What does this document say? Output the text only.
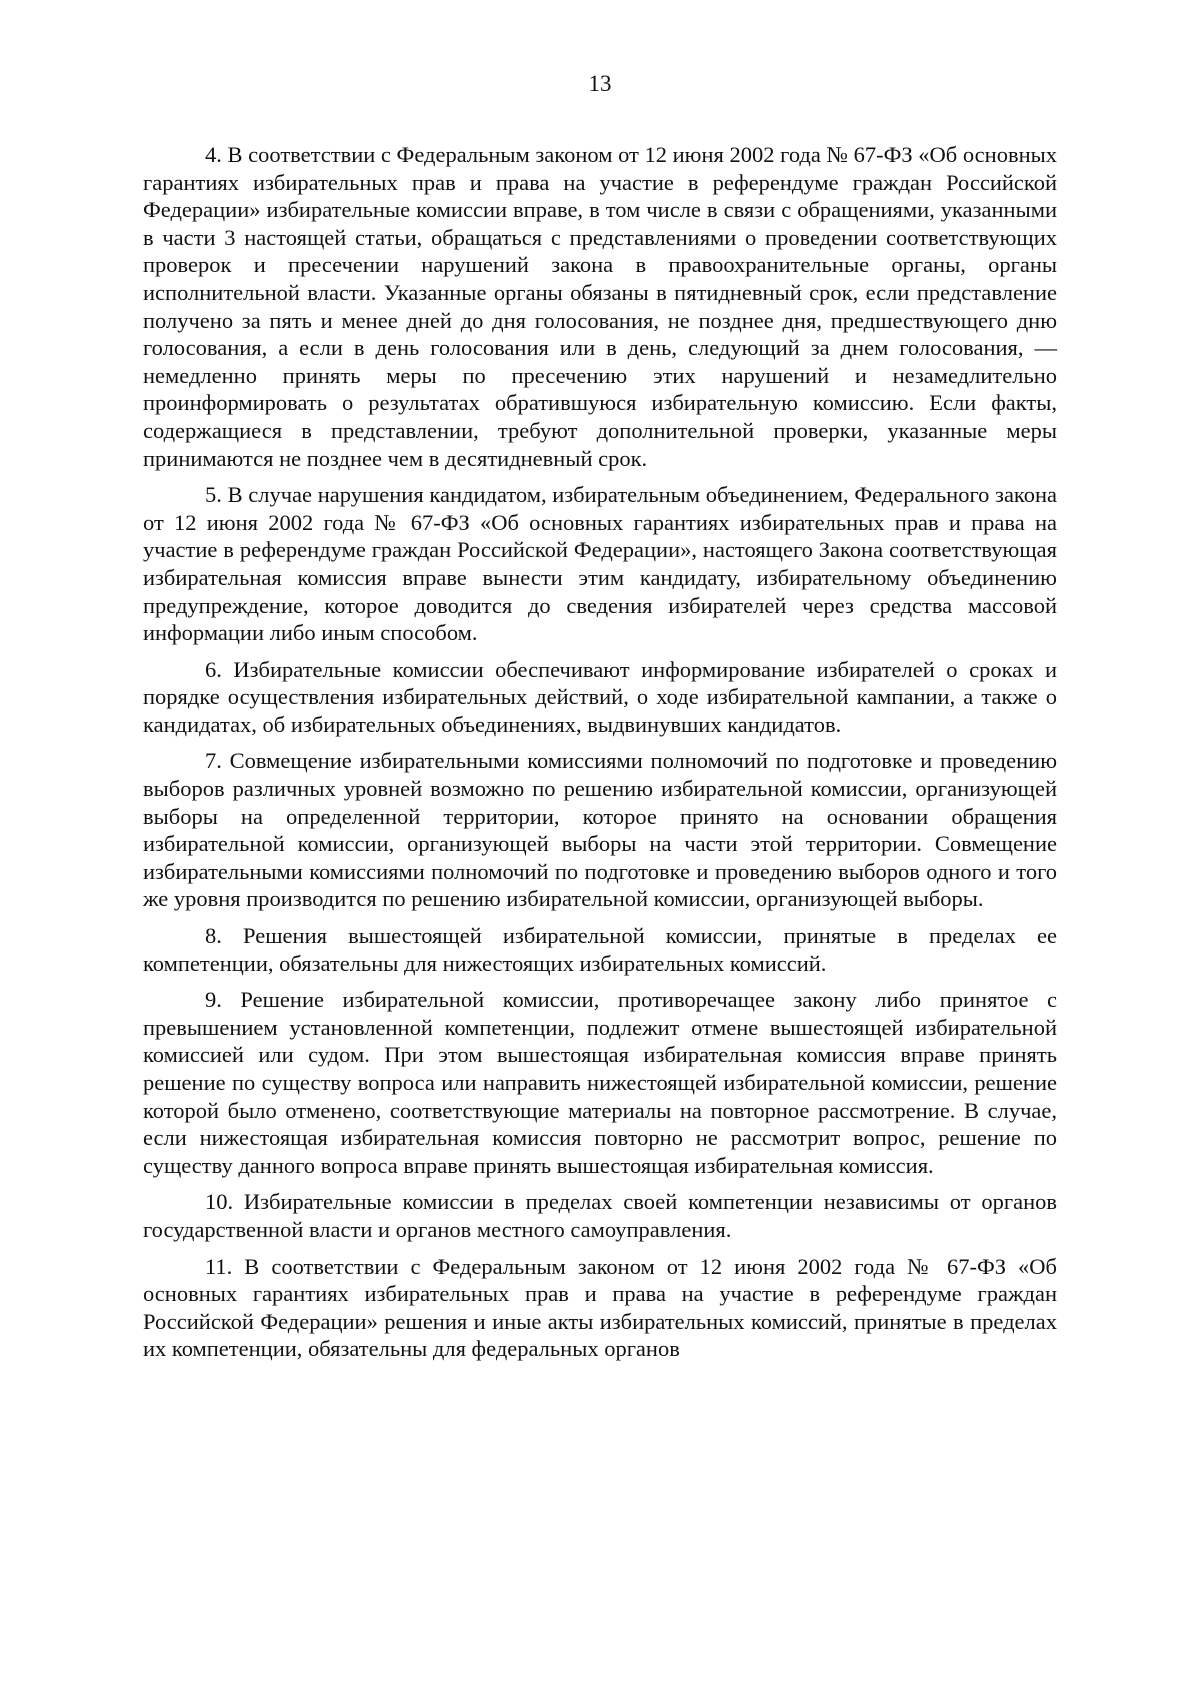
13

4. В соответствии с Федеральным законом от 12 июня 2002 года № 67-ФЗ «Об основных гарантиях избирательных прав и права на участие в референдуме граждан Российской Федерации» избирательные комиссии вправе, в том числе в связи с обращениями, указанными в части 3 настоящей статьи, обращаться с представлениями о проведении соответствующих проверок и пресечении нарушений закона в правоохранительные органы, органы исполнительной власти. Указанные органы обязаны в пятидневный срок, если представление получено за пять и менее дней до дня голосования, не позднее дня, предшествующего дню голосования, а если в день голосования или в день, следующий за днем голосования, — немедленно принять меры по пресечению этих нарушений и незамедлительно проинформировать о результатах обратившуюся избирательную комиссию. Если факты, содержащиеся в представлении, требуют дополнительной проверки, указанные меры принимаются не позднее чем в десятидневный срок.

5. В случае нарушения кандидатом, избирательным объединением, Федерального закона от 12 июня 2002 года № 67-ФЗ «Об основных гарантиях избирательных прав и права на участие в референдуме граждан Российской Федерации», настоящего Закона соответствующая избирательная комиссия вправе вынести этим кандидату, избирательному объединению предупреждение, которое доводится до сведения избирателей через средства массовой информации либо иным способом.

6. Избирательные комиссии обеспечивают информирование избирателей о сроках и порядке осуществления избирательных действий, о ходе избирательной кампании, а также о кандидатах, об избирательных объединениях, выдвинувших кандидатов.

7. Совмещение избирательными комиссиями полномочий по подготовке и проведению выборов различных уровней возможно по решению избирательной комиссии, организующей выборы на определенной территории, которое принято на основании обращения избирательной комиссии, организующей выборы на части этой территории. Совмещение избирательными комиссиями полномочий по подготовке и проведению выборов одного и того же уровня производится по решению избирательной комиссии, организующей выборы.

8. Решения вышестоящей избирательной комиссии, принятые в пределах ее компетенции, обязательны для нижестоящих избирательных комиссий.

9. Решение избирательной комиссии, противоречащее закону либо принятое с превышением установленной компетенции, подлежит отмене вышестоящей избирательной комиссией или судом. При этом вышестоящая избирательная комиссия вправе принять решение по существу вопроса или направить нижестоящей избирательной комиссии, решение которой было отменено, соответствующие материалы на повторное рассмотрение. В случае, если нижестоящая избирательная комиссия повторно не рассмотрит вопрос, решение по существу данного вопроса вправе принять вышестоящая избирательная комиссия.

10. Избирательные комиссии в пределах своей компетенции независимы от органов государственной власти и органов местного самоуправления.

11. В соответствии с Федеральным законом от 12 июня 2002 года № 67-ФЗ «Об основных гарантиях избирательных прав и права на участие в референдуме граждан Российской Федерации» решения и иные акты избирательных комиссий, принятые в пределах их компетенции, обязательны для федеральных органов
